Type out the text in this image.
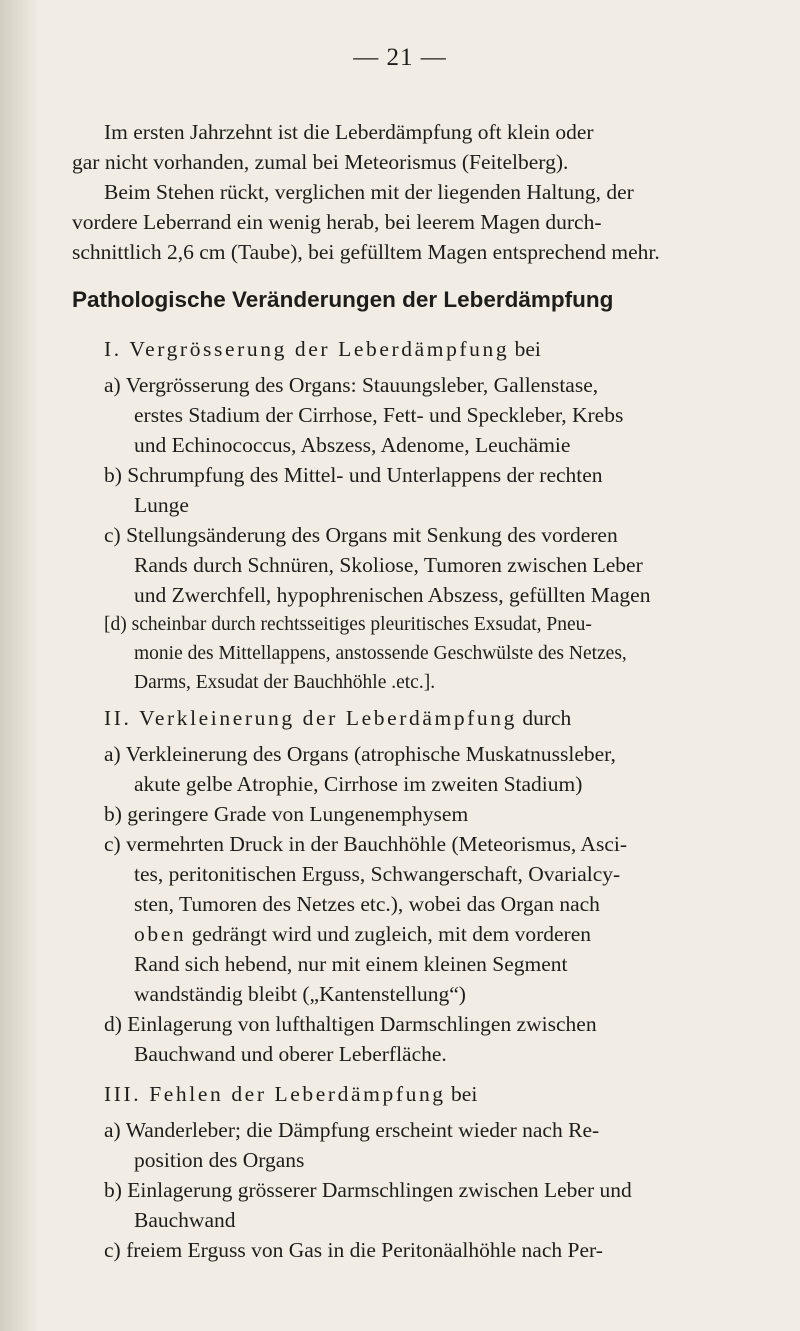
— 21 —
Im ersten Jahrzehnt ist die Leberdämpfung oft klein oder
gar nicht vorhanden, zumal bei Meteorismus (Feitelberg).
Beim Stehen rückt, verglichen mit der liegenden Haltung, der
vordere Leberrand ein wenig herab, bei leerem Magen durch-
schnittlich 2,6 cm (Taube), bei gefülltem Magen entsprechend mehr.
Pathologische Veränderungen der Leberdämpfung
I. Vergrösserung der Leberdämpfung bei
a) Vergrösserung des Organs: Stauungsleber, Gallenstase,
erstes Stadium der Cirrhose, Fett- und Speckleber, Krebs
und Echinococcus, Abszess, Adenome, Leuchämie
b) Schrumpfung des Mittel- und Unterlappens der rechten
Lunge
c) Stellungsänderung des Organs mit Senkung des vorderen
Rands durch Schnüren, Skoliose, Tumoren zwischen Leber
und Zwerchfell, hypophrenischen Abszess, gefüllten Magen
[d) scheinbar durch rechtsseitiges pleuritisches Exsudat, Pneu-
monie des Mittellappens, anstossende Geschwülste des Netzes,
Darms, Exsudat der Bauchhöhle .etc.].
II. Verkleinerung der Leberdämpfung durch
a) Verkleinerung des Organs (atrophische Muskatnussleber,
akute gelbe Atrophie, Cirrhose im zweiten Stadium)
b) geringere Grade von Lungenemphysem
c) vermehrten Druck in der Bauchhöhle (Meteorismus, Asci-
tes, peritonitischen Erguss, Schwangerschaft, Ovarialcy-
sten, Tumoren des Netzes etc.), wobei das Organ nach
oben gedrängt wird und zugleich, mit dem vorderen
Rand sich hebend, nur mit einem kleinen Segment
wandständig bleibt („Kantenstellung“)
d) Einlagerung von lufthaltigen Darmschlingen zwischen
Bauchwand und oberer Leberfläche.
III. Fehlen der Leberdämpfung bei
a) Wanderleber; die Dämpfung erscheint wieder nach Re-
position des Organs
b) Einlagerung grösserer Darmschlingen zwischen Leber und
Bauchwand
c) freiem Erguss von Gas in die Peritonäalhöhle nach Per-
